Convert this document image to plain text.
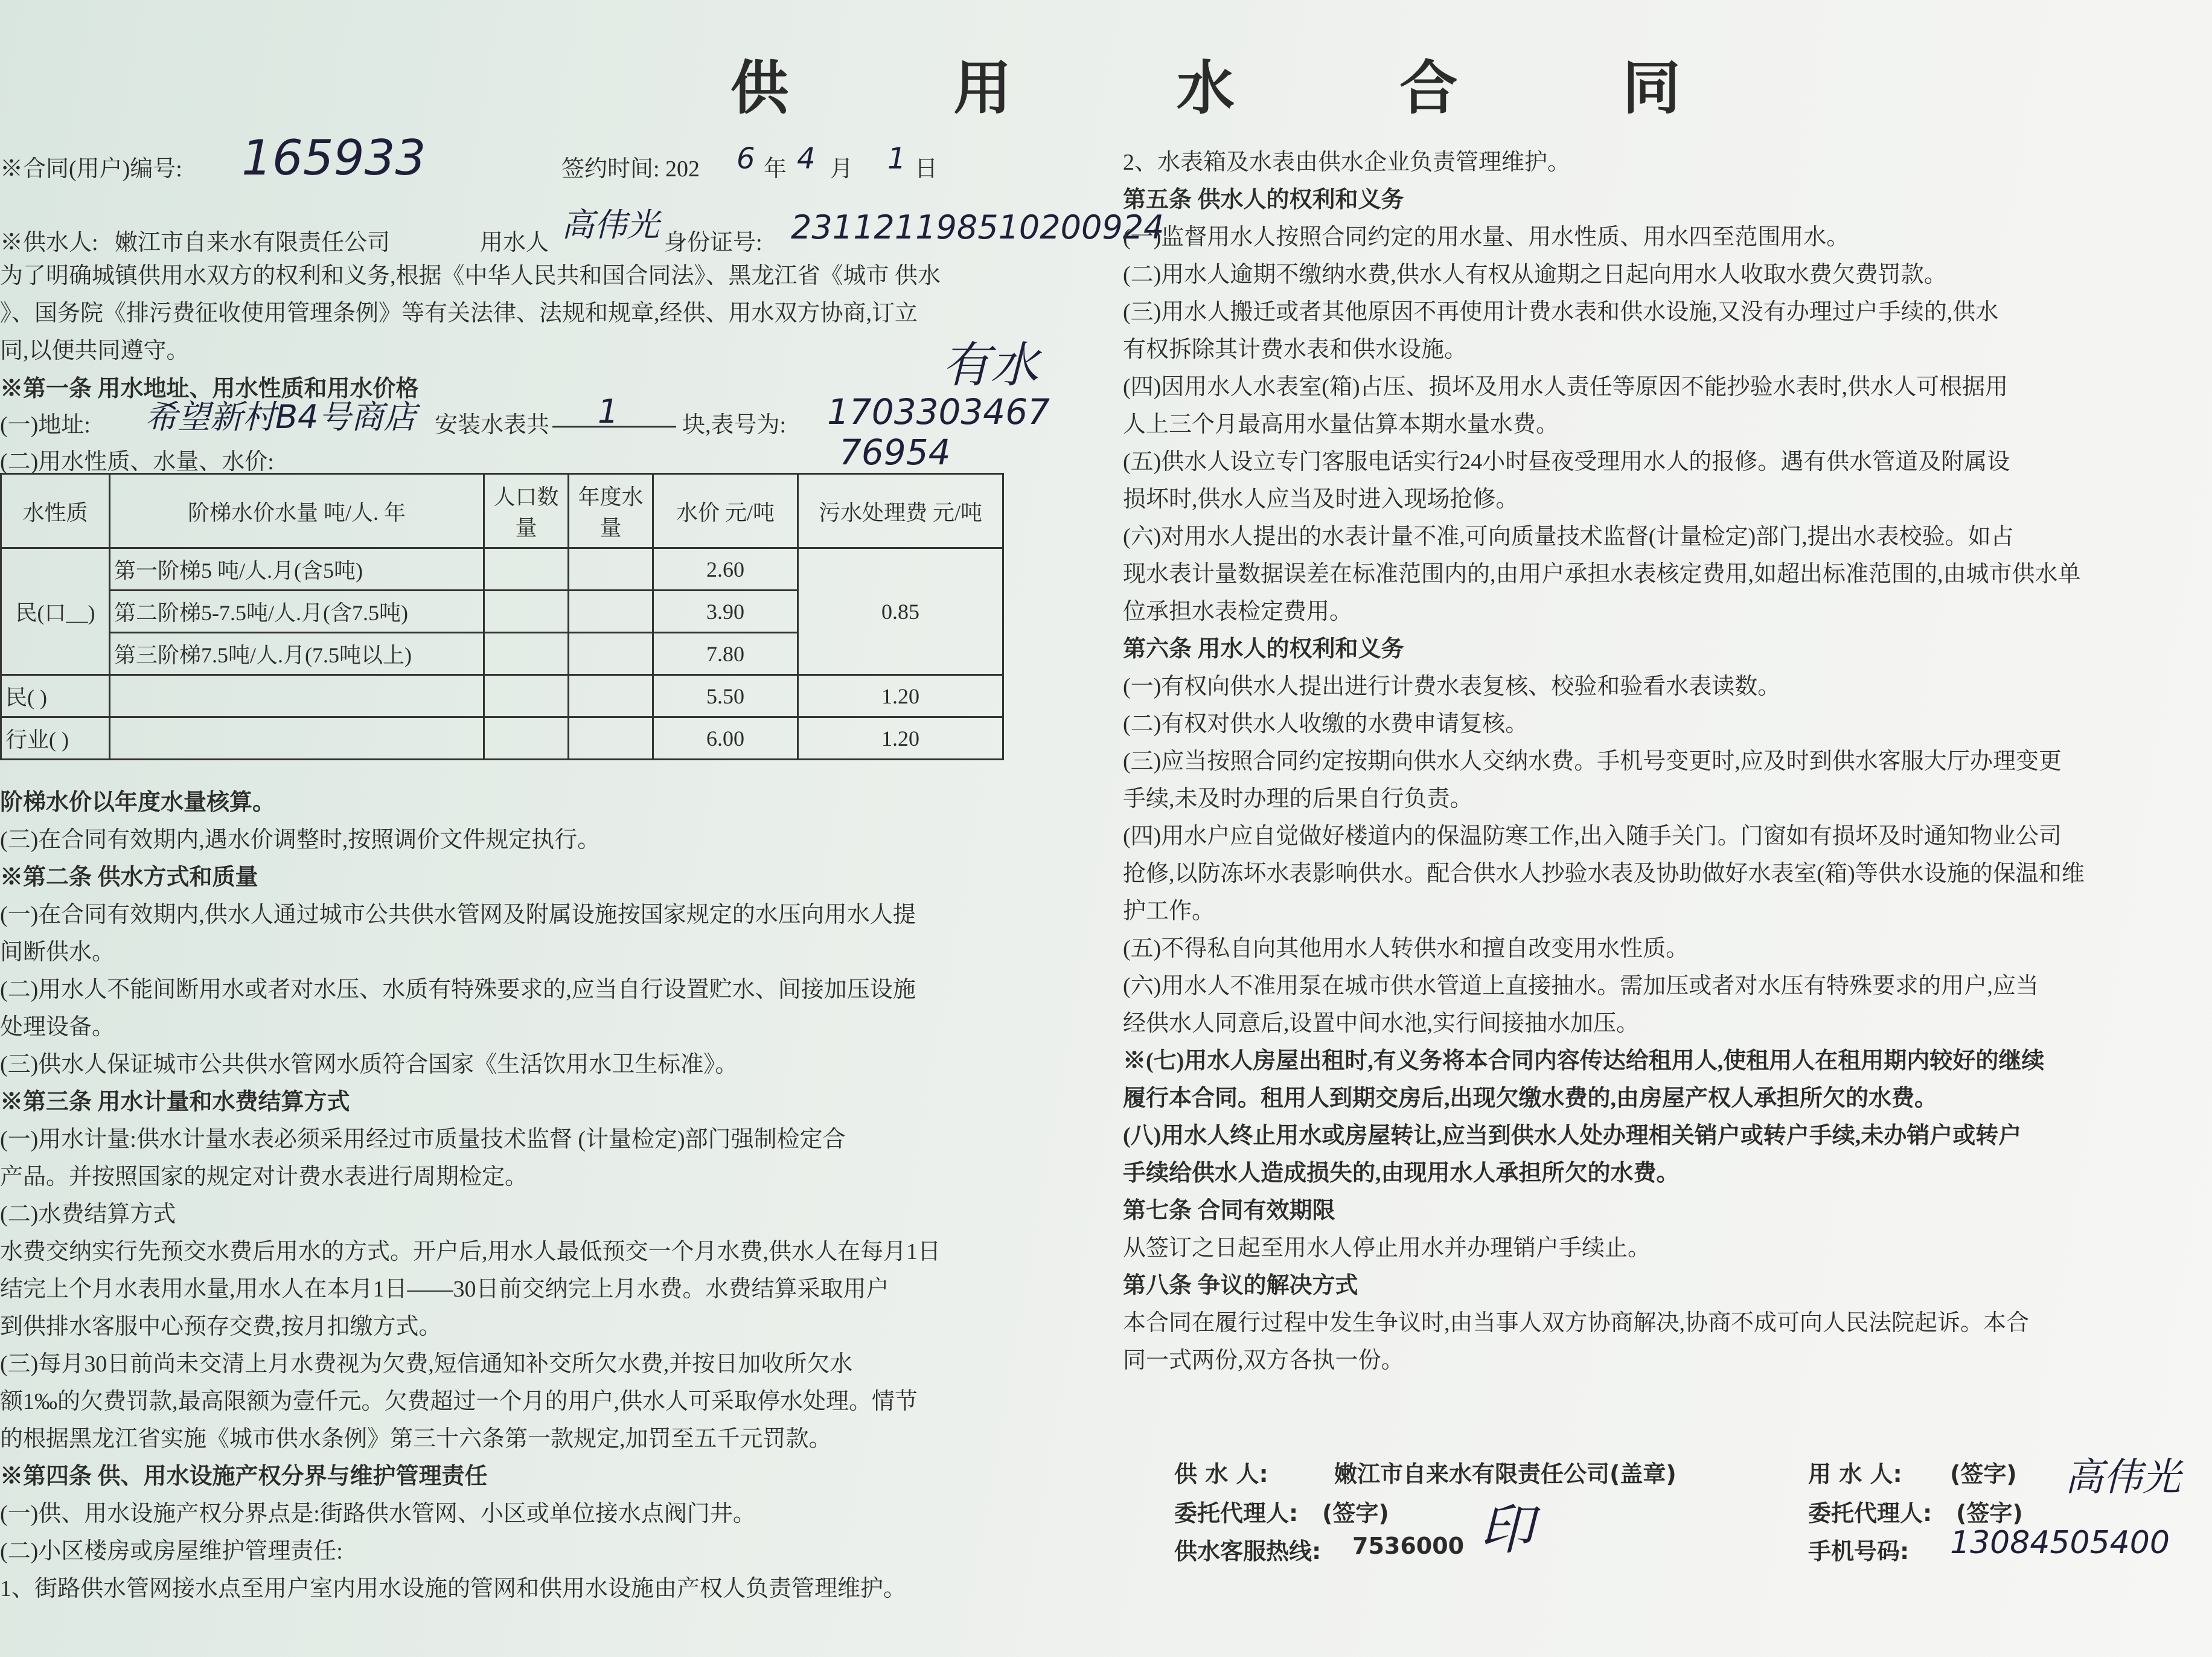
供 用 水 合 同
※合同(用户)编号: 165933	签约时间: 202 6 年 4 月 1 日
※供水人: 嫩江市自来水有限责任公司	用水人 高伟光 身份证号: 231121198510200924
为了明确城镇供用水双方的权利和义务,根据《中华人民共和国合同法》、黑龙江省《城市 供水
》、国务院《排污费征收使用管理条例》等有关法律、法规和规章,经供、用水双方协商,订立
同,以便共同遵守。	有水
※第一条 用水地址、用水性质和用水价格
(一)地址: 希望新村B4号商店 安装水表共 1	块,表号为: 1703303467
(二)用水性质、水量、水价:	76954
水性质	阶梯水价水量 吨/人. 年	人口数量	年度水量	水价 元/吨	污水处理费 元/吨
民(口__)	第一阶梯5 吨/人.月(含5吨)			2.60	0.85
	第二阶梯5-7.5吨/人.月(含7.5吨)			3.90	
	第三阶梯7.5吨/人.月(7.5吨以上)			7.80	
民( )				5.50	1.20
行业( )				6.00	1.20
阶梯水价以年度水量核算。
(三)在合同有效期内,遇水价调整时,按照调价文件规定执行。
※第二条 供水方式和质量
(一)在合同有效期内,供水人通过城市公共供水管网及附属设施按国家规定的水压向用水人提
间断供水。
(二)用水人不能间断用水或者对水压、水质有特殊要求的,应当自行设置贮水、间接加压设施
处理设备。
(三)供水人保证城市公共供水管网水质符合国家《生活饮用水卫生标准》。
※第三条 用水计量和水费结算方式
(一)用水计量:供水计量水表必须采用经过市质量技术监督 (计量检定)部门强制检定合
产品。并按照国家的规定对计费水表进行周期检定。
(二)水费结算方式
水费交纳实行先预交水费后用水的方式。开户后,用水人最低预交一个月水费,供水人在每月1日
结完上个月水表用水量,用水人在本月1日——30日前交纳完上月水费。水费结算采取用户
到供排水客服中心预存交费,按月扣缴方式。
(三)每月30日前尚未交清上月水费视为欠费,短信通知补交所欠水费,并按日加收所欠水
额1‰的欠费罚款,最高限额为壹仟元。欠费超过一个月的用户,供水人可采取停水处理。情节
的根据黑龙江省实施《城市供水条例》第三十六条第一款规定,加罚至五千元罚款。
※第四条 供、用水设施产权分界与维护管理责任
(一)供、用水设施产权分界点是:街路供水管网、小区或单位接水点阀门井。
(二)小区楼房或房屋维护管理责任:
1、街路供水管网接水点至用户室内用水设施的管网和供用水设施由产权人负责管理维护。
2、水表箱及水表由供水企业负责管理维护。
第五条 供水人的权利和义务
(一)监督用水人按照合同约定的用水量、用水性质、用水四至范围用水。
(二)用水人逾期不缴纳水费,供水人有权从逾期之日起向用水人收取水费欠费罚款。
(三)用水人搬迁或者其他原因不再使用计费水表和供水设施,又没有办理过户手续的,供水
有权拆除其计费水表和供水设施。
(四)因用水人水表室(箱)占压、损坏及用水人责任等原因不能抄验水表时,供水人可根据用
人上三个月最高用水量估算本期水量水费。
(五)供水人设立专门客服电话实行24小时昼夜受理用水人的报修。遇有供水管道及附属设
损坏时,供水人应当及时进入现场抢修。
(六)对用水人提出的水表计量不准,可向质量技术监督(计量检定)部门,提出水表校验。如占
现水表计量数据误差在标准范围内的,由用户承担水表核定费用,如超出标准范围的,由城市供水单
位承担水表检定费用。
第六条 用水人的权利和义务
(一)有权向供水人提出进行计费水表复核、校验和验看水表读数。
(二)有权对供水人收缴的水费申请复核。
(三)应当按照合同约定按期向供水人交纳水费。手机号变更时,应及时到供水客服大厅办理变更
手续,未及时办理的后果自行负责。
(四)用水户应自觉做好楼道内的保温防寒工作,出入随手关门。门窗如有损坏及时通知物业公司
抢修,以防冻坏水表影响供水。配合供水人抄验水表及协助做好水表室(箱)等供水设施的保温和维
护工作。
(五)不得私自向其他用水人转供水和擅自改变用水性质。
(六)用水人不准用泵在城市供水管道上直接抽水。需加压或者对水压有特殊要求的用户,应当
经供水人同意后,设置中间水池,实行间接抽水加压。
※(七)用水人房屋出租时,有义务将本合同内容传达给租用人,使租用人在租用期内较好的继续
履行本合同。租用人到期交房后,出现欠缴水费的,由房屋产权人承担所欠的水费。
(八)用水人终止用水或房屋转让,应当到供水人处办理相关销户或转户手续,未办销户或转户
手续给供水人造成损失的,由现用水人承担所欠的水费。
第七条 合同有效期限
从签订之日起至用水人停止用水并办理销户手续止。
第八条 争议的解决方式
本合同在履行过程中发生争议时,由当事人双方协商解决,协商不成可向人民法院起诉。本合
同一式两份,双方各执一份。
供 水 人:	嫩江市自来水有限责任公司(盖章)
委托代理人: (签字)
供水客服热线: 7536000 印
用 水 人: (签字) 高伟光
委托代理人: (签字)
手机号码: 13084505400
